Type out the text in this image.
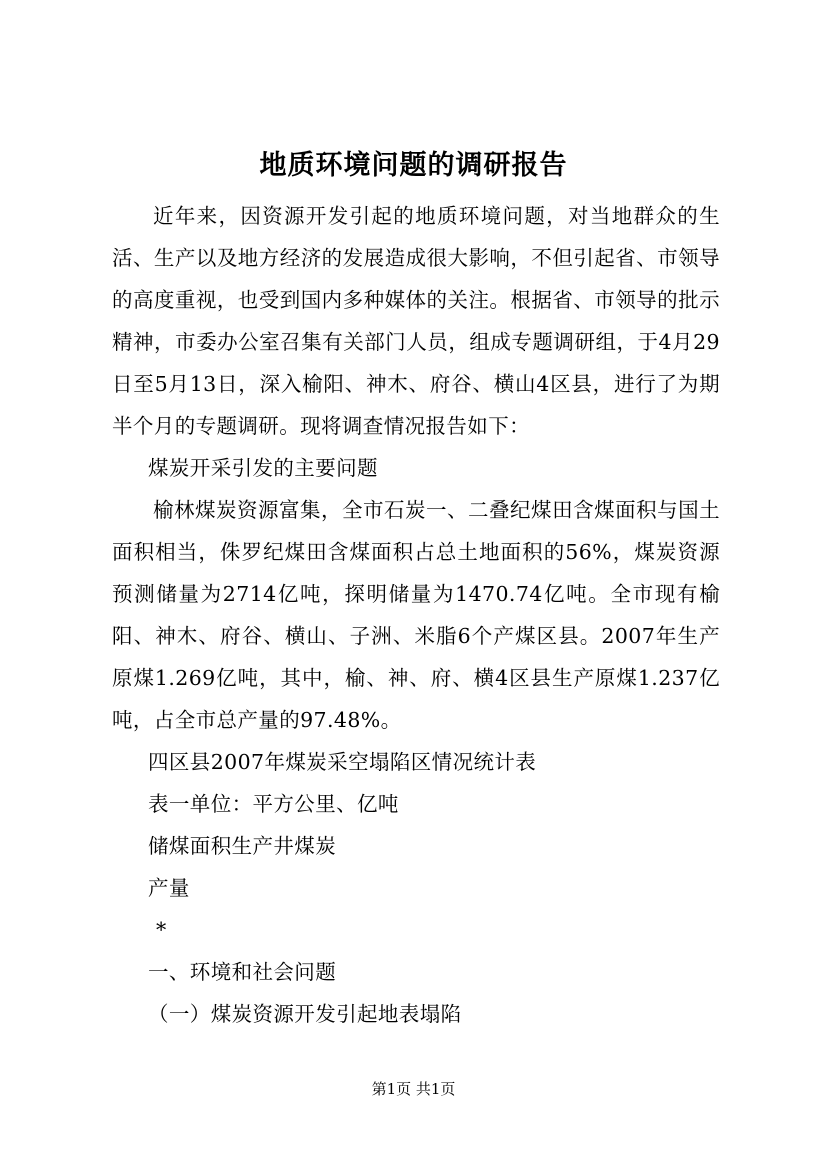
地质环境问题的调研报告

近年来，因资源开发引起的地质环境问题，对当地群众的生活、生产以及地方经济的发展造成很大影响，不但引起省、市领导的高度重视，也受到国内多种媒体的关注。根据省、市领导的批示精神，市委办公室召集有关部门人员，组成专题调研组，于4月29日至5月13日，深入榆阳、神木、府谷、横山4区县，进行了为期半个月的专题调研。现将调查情况报告如下：

煤炭开采引发的主要问题

榆林煤炭资源富集，全市石炭一、二叠纪煤田含煤面积与国土面积相当，侏罗纪煤田含煤面积占总土地面积的56%，煤炭资源预测储量为2714亿吨，探明储量为1470.74亿吨。全市现有榆阳、神木、府谷、横山、子洲、米脂6个产煤区县。2007年生产原煤1.269亿吨，其中，榆、神、府、横4区县生产原煤1.237亿吨，占全市总产量的97.48%。

四区县2007年煤炭采空塌陷区情况统计表

表一单位：平方公里、亿吨

储煤面积生产井煤炭

产量

*

一、环境和社会问题

（一）煤炭资源开发引起地表塌陷

第1页 共1页
